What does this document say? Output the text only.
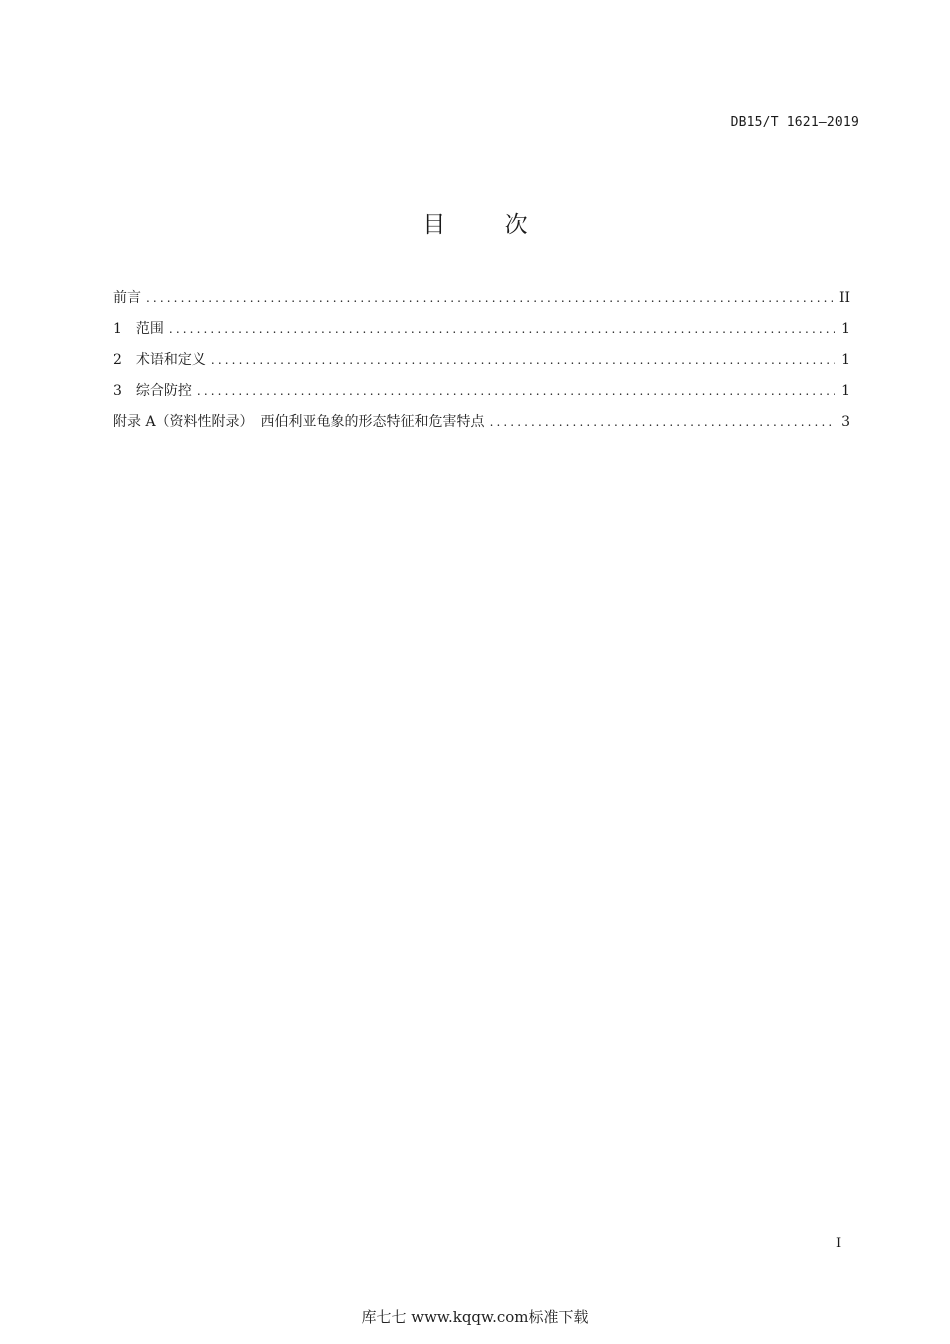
DB15/T 1621—2019
目 次
前言 .....	II
1 范围 .....	1
2 术语和定义 .....	1
3 综合防控 .....	1
附录 A（资料性附录）　西伯利亚龟象的形态特征和危害特点 .....	3
I
库七七 www.kqqw.com标准下载
